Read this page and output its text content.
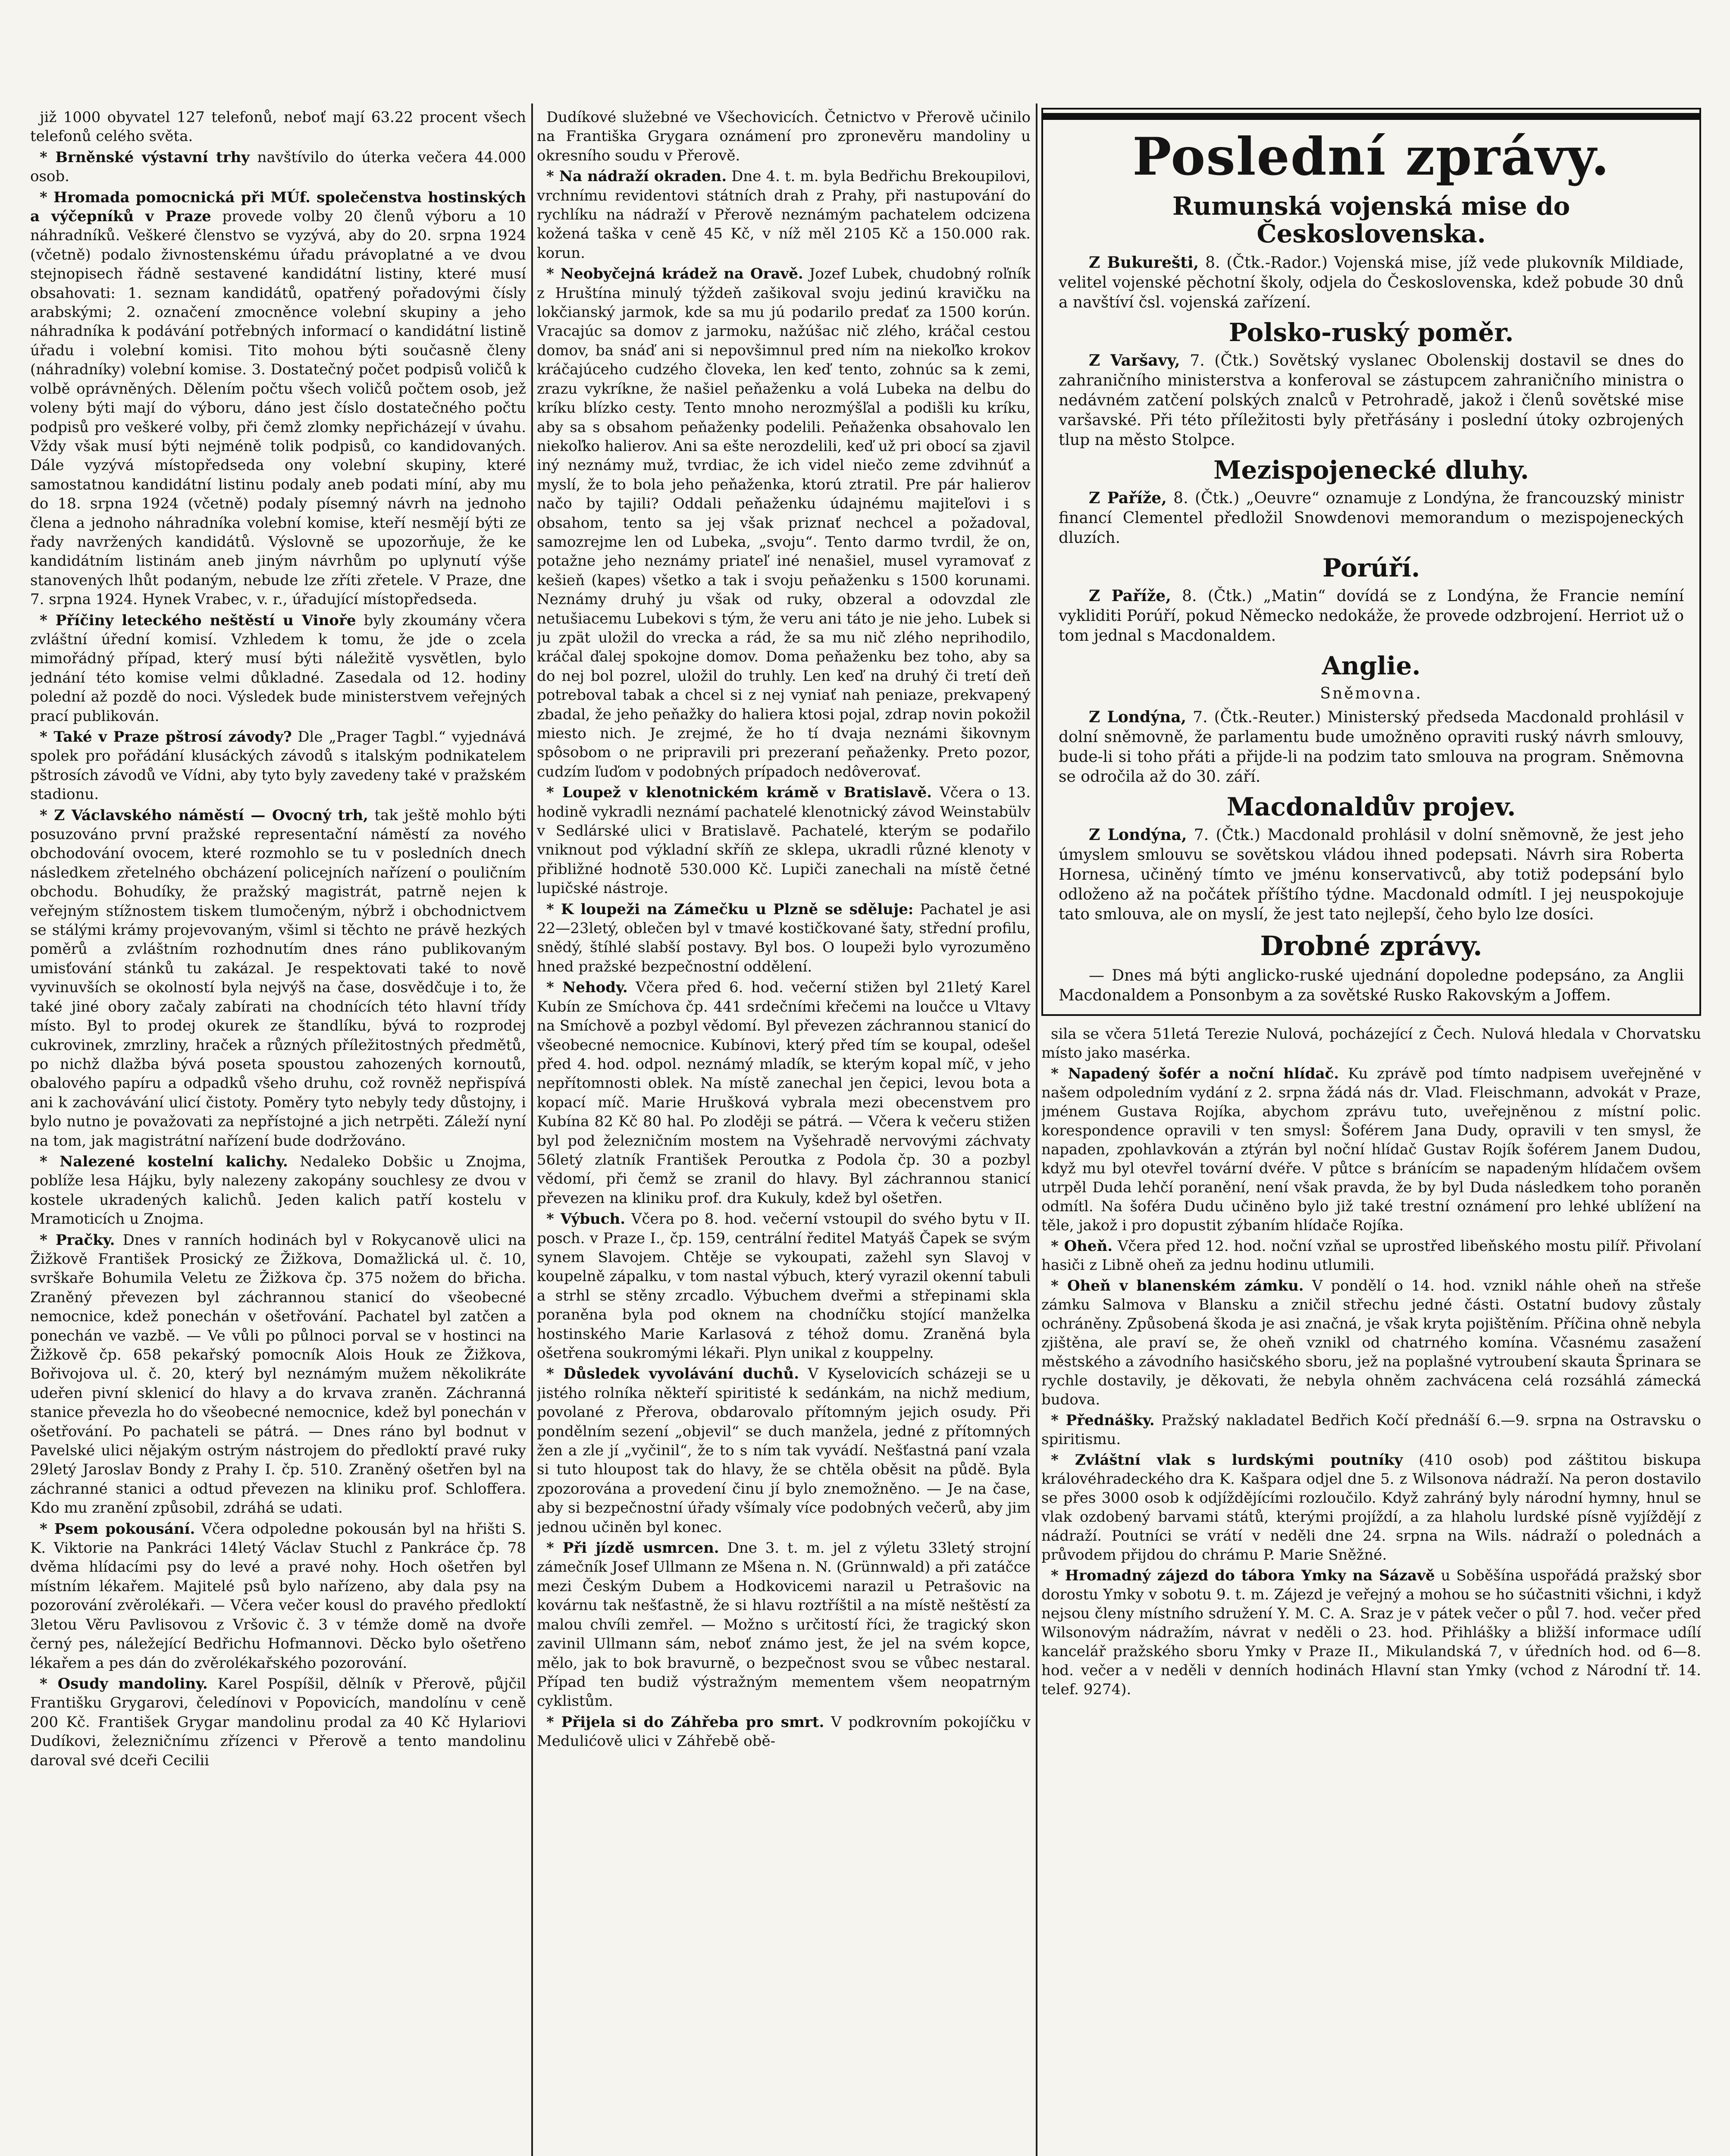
již 1000 obyvatel 127 telefonů, neboť mají 63.22 procent všech telefonů celého světa.

* Brněnské výstavní trhy navštívilo do úterka večera 44.000 osob.

* Hromada pomocnická při MÚf. společenstva hostinských a výčepníků v Praze provede volby 20 členů výboru a 10 náhradníků. Veškeré členstvo se vyzývá, aby do 20. srpna 1924 (včetně) podalo živnostenskému úřadu právoplatné a ve dvou stejnopisech řádně sestavené kandidátní listiny, které musí obsahovati: 1. seznam kandidátů, opatřený pořadovými čísly arabskými; 2. označení zmocněnce volební skupiny a jeho náhradníka k podávání potřebných informací o kandidátní listině úřadu i volební komisi. Tito mohou býti současně členy (náhradníky) volební komise. 3. Dostatečný počet podpisů voličů k volbě oprávněných. Dělením počtu všech voličů počtem osob, jež voleny býti mají do výboru, dáno jest číslo dostatečného počtu podpisů pro veškeré volby, při čemž zlomky nepřicházejí v úvahu. Vždy však musí býti nejméně tolik podpisů, co kandidovaných. Dále vyzývá místopředseda ony volební skupiny, které samostatnou kandidátní listinu podaly aneb podati míní, aby mu do 18. srpna 1924 (včetně) podaly písemný návrh na jednoho člena a jednoho náhradníka volební komise, kteří nesmějí býti ze řady navržených kandidátů. Výslovně se upozorňuje, že ke kandidátním listinám aneb jiným návrhům po uplynutí výše stanovených lhůt podaným, nebude lze zříti zřetele. V Praze, dne 7. srpna 1924. Hynek Vrabec, v. r., úřadující místopředseda.

* Příčiny leteckého neštěstí u Vinoře byly zkoumány včera zvláštní úřední komisí. Vzhledem k tomu, že jde o zcela mimořádný případ, který musí býti náležitě vysvětlen, bylo jednání této komise velmi důkladné. Zasedala od 12. hodiny polední až pozdě do noci. Výsledek bude ministerstvem veřejných prací publikován.

* Také v Praze pštrosí závody? Dle „Prager Tagbl.“ vyjednává spolek pro pořádání klusáckých závodů s italským podnikatelem pštrosích závodů ve Vídni, aby tyto byly zavedeny také v pražském stadionu.

* Z Václavského náměstí — Ovocný trh, tak ještě mohlo býti posuzováno první pražské representační náměstí za nového obchodování ovocem, které rozmohlo se tu v posledních dnech následkem zřetelného obcházení policejních nařízení o pouličním obchodu. Bohudíky, že pražský magistrát, patrně nejen k veřejným stížnostem tiskem tlumočeným, nýbrž i obchodnictvem se stálými krámy projevovaným, všiml si těchto ne právě hezkých poměrů a zvláštním rozhodnutím dnes ráno publikovaným umisťování stánků tu zakázal. Je respektovati také to nově vyvinuvších se okolností byla nejvýš na čase, dosvědčuje i to, že také jiné obory začaly zabírati na chodnících této hlavní třídy místo. Byl to prodej okurek ze štandlíku, bývá to rozprodej cukrovinek, zmrzliny, hraček a různých příležitostných předmětů, po nichž dlažba bývá poseta spoustou zahozených kornoutů, obalového papíru a odpadků všeho druhu, což rovněž nepřispívá ani k zachovávání ulicí čistoty. Poměry tyto nebyly tedy důstojny, i bylo nutno je považovati za nepřístojné a jich netrpěti. Záleží nyní na tom, jak magistrátní nařízení bude dodržováno.

* Nalezené kostelní kalichy. Nedaleko Dobšic u Znojma, poblíže lesa Hájku, byly nalezeny zakopány souchlesy ze dvou v kostele ukradených kalichů. Jeden kalich patří kostelu v Mramoticích u Znojma.

* Pračky. Dnes v ranních hodinách byl v Rokycanově ulici na Žižkově František Prosický ze Žižkova, Domažlická ul. č. 10, svrškaře Bohumila Veletu ze Žižkova čp. 375 nožem do břicha. Zraněný převezen byl záchrannou stanicí do všeobecné nemocnice, kdež ponechán v ošetřování. Pachatel byl zatčen a ponechán ve vazbě. — Ve vůli po půlnoci porval se v hostinci na Žižkově čp. 658 pekařský pomocník Alois Houk ze Žižkova, Bořivojova ul. č. 20, který byl neznámým mužem několikráte udeřen pivní sklenicí do hlavy a do krvava zraněn. Záchranná stanice převezla ho do všeobecné nemocnice, kdež byl ponechán v ošetřování. Po pachateli se pátrá. — Dnes ráno byl bodnut v Pavelské ulici nějakým ostrým nástrojem do předloktí pravé ruky 29letý Jaroslav Bondy z Prahy I. čp. 510. Zraněný ošetřen byl na záchranné stanici a odtud převezen na kliniku prof. Schloffera. Kdo mu zranění způsobil, zdráhá se udati.

* Psem pokousání. Včera odpoledne pokousán byl na hřišti S. K. Viktorie na Pankráci 14letý Václav Stuchl z Pankráce čp. 78 dvěma hlídacími psy do levé a pravé nohy. Hoch ošetřen byl místním lékařem. Majitelé psů bylo nařízeno, aby dala psy na pozorování zvěrolékaři. — Včera večer kousl do pravého předloktí 3letou Věru Pavlisovou z Vršovic č. 3 v témže domě na dvoře černý pes, náležející Bedřichu Hofmannovi. Děcko bylo ošetřeno lékařem a pes dán do zvěrolékařského pozorování.

* Osudy mandoliny. Karel Pospíšil, dělník v Přerově, půjčil Františku Grygarovi, čeledínovi v Popovicích, mandolínu v ceně 200 Kč. František Grygar mandolinu prodal za 40 Kč Hylariovi Dudíkovi, železničnímu zřízenci v Přerově a tento mandolinu daroval své dceři Cecilii

Dudíkové služebné ve Všechovicích. Četnictvo v Přerově učinilo na Františka Grygara oznámení pro zpronevěru mandoliny u okresního soudu v Přerově.

* Na nádraží okraden. Dne 4. t. m. byla Bedřichu Brekoupilovi, vrchnímu revidentovi státních drah z Prahy, při nastupování do rychlíku na nádraží v Přerově neznámým pachatelem odcizena kožená taška v ceně 45 Kč, v níž měl 2105 Kč a 150.000 rak. korun.

* Neobyčejná krádež na Oravě. Jozef Lubek, chudobný roľník z Hruštína minulý týždeň zašikoval svoju jedinú kravičku na lokčianský jarmok, kde sa mu jú podarilo predať za 1500 korún. Vracajúc sa domov z jarmoku, nažúšac nič zlého, kráčal cestou domov, ba snáď ani si nepovšimnul pred ním na niekoľko krokov kráčajúceho cudzého človeka, len keď tento, zohnúc sa k zemi, zrazu vykríkne, že našiel peňaženku a volá Lubeka na delbu do kríku blízko cesty. Tento mnoho nerozmýšľal a podišli ku kríku, aby sa s obsahom peňaženky podelili. Peňaženka obsahovalo len niekoľko halierov. Ani sa ešte nerozdelili, keď už pri obocí sa zjavil iný neznámy muž, tvrdiac, že ich videl niečo zeme zdvihnúť a myslí, že to bola jeho peňaženka, ktorú ztratil. Pre pár halierov načo by tajili? Oddali peňaženku údajnému majiteľovi i s obsahom, tento sa jej však priznať nechcel a požadoval, samozrejme len od Lubeka, „svoju“. Tento darmo tvrdil, že on, potažne jeho neznámy priateľ iné nenašiel, musel vyramovať z kešieň (kapes) všetko a tak i svoju peňaženku s 1500 korunami. Neznámy druhý ju však od ruky, obzeral a odovzdal zle netušiacemu Lubekovi s tým, že veru ani táto je nie jeho. Lubek si ju zpät uložil do vrecka a rád, že sa mu nič zlého neprihodilo, kráčal ďalej spokojne domov. Doma peňaženku bez toho, aby sa do nej bol pozrel, uložil do truhly. Len keď na druhý či tretí deň potreboval tabak a chcel si z nej vyniať nah peniaze, prekvapený zbadal, že jeho peňažky do haliera ktosi pojal, zdrap novin pokožil miesto nich. Je zrejmé, že ho tí dvaja neznámi šikovnym spôsobom o ne pripravili pri prezeraní peňaženky. Preto pozor, cudzím ľuďom v podobných prípadoch nedôverovať.

* Loupež v klenotnickém krámě v Bratislavě. Včera o 13. hodině vykradli neznámí pachatelé klenotnický závod Weinstabülv v Sedlárské ulici v Bratislavě. Pachatelé, kterým se podařilo vniknout pod výkladní skříň ze sklepa, ukradli různé klenoty v přibližné hodnotě 530.000 Kč. Lupiči zanechali na místě četné lupičské nástroje.

* K loupeži na Zámečku u Plzně se sděluje: Pachatel je asi 22—23letý, oblečen byl v tmavé kostičkované šaty, střední profilu, snědý, štíhlé slabší postavy. Byl bos. O loupeži bylo vyrozuměno hned pražské bezpečnostní oddělení.

* Nehody. Včera před 6. hod. večerní stižen byl 21letý Karel Kubín ze Smíchova čp. 441 srdečními křečemi na loučce u Vltavy na Smíchově a pozbyl vědomí. Byl převezen záchrannou stanicí do všeobecné nemocnice. Kubínovi, který před tím se koupal, odešel před 4. hod. odpol. neznámý mladík, se kterým kopal míč, v jeho nepřítomnosti oblek. Na místě zanechal jen čepici, levou bota a kopací míč. Marie Hrušková vybrala mezi obecenstvem pro Kubína 82 Kč 80 hal. Po zloději se pátrá. — Včera k večeru stižen byl pod železničním mostem na Vyšehradě nervovými záchvaty 56letý zlatník František Peroutka z Podola čp. 30 a pozbyl vědomí, při čemž se zranil do hlavy. Byl záchrannou stanicí převezen na kliniku prof. dra Kukuly, kdež byl ošetřen.

* Výbuch. Včera po 8. hod. večerní vstoupil do svého bytu v II. posch. v Praze I., čp. 159, centrální ředitel Matyáš Čapek se svým synem Slavojem. Chtěje se vykoupati, zažehl syn Slavoj v koupelně zápalku, v tom nastal výbuch, který vyrazil okenní tabuli a strhl se stěny zrcadlo. Výbuchem dveřmi a střepinami skla poraněna byla pod oknem na chodníčku stojící manželka hostinského Marie Karlasová z téhož domu. Zraněná byla ošetřena soukromými lékaři. Plyn unikal z kouppelny.

* Důsledek vyvolávání duchů. V Kyselovicích scházeji se u jistého rolníka někteří spiritisté k sedánkám, na nichž medium, povolané z Přerova, obdarovalo přítomným jejich osudy. Při pondělním sezení „objevil“ se duch manžela, jedné z přítomných žen a zle jí „vyčinil“, že to s ním tak vyvádí. Nešťastná paní vzala si tuto hloupost tak do hlavy, že se chtěla oběsit na půdě. Byla zpozorována a provedení činu jí bylo znemožněno. — Je na čase, aby si bezpečnostní úřady všímaly více podobných večerů, aby jim jednou učiněn byl konec.

* Při jízdě usmrcen. Dne 3. t. m. jel z výletu 33letý strojní zámečník Josef Ullmann ze Mšena n. N. (Grünnwald) a při zatáčce mezi Českým Dubem a Hodkovicemi narazil u Petrašovic na kovárnu tak nešťastně, že si hlavu roztříštil a na místě neštěstí za malou chvíli zemřel. — Možno s určitostí říci, že tragický skon zavinil Ullmann sám, neboť známo jest, že jel na svém kopce, mělo, jak to bok bravurně, o bezpečnost svou se vůbec nestaral. Případ ten budiž výstražným mementem všem neopatrným cyklistům.

* Přijela si do Záhřeba pro smrt. V podkrovním pokojíčku v Medulićově ulici v Záhřebě obě-

Poslední zprávy.
Rumunská vojenská mise do Československa.

Z Bukurešti, 8. (Čtk.-Rador.) Vojenská mise, jíž vede plukovník Mildiade, velitel vojenské pěchotní školy, odjela do Československa, kdež pobude 30 dnů a navštíví čsl. vojenská zařízení.

Polsko-ruský poměr.

Z Varšavy, 7. (Čtk.) Sovětský vyslanec Obolenskij dostavil se dnes do zahraničního ministerstva a konferoval se zástupcem zahraničního ministra o nedávném zatčení polských znalců v Petrohradě, jakož i členů sovětské mise varšavské. Při této příležitosti byly přetřásány i poslední útoky ozbrojených tlup na město Stolpce.

Mezispojenecké dluhy.

Z Paříže, 8. (Čtk.) „Oeuvre“ oznamuje z Londýna, že francouzský ministr financí Clementel předložil Snowdenovi memorandum o mezispojeneckých dluzích.

Porúří.

Z Paříže, 8. (Čtk.) „Matin“ dovídá se z Londýna, že Francie nemíní vykliditi Porúří, pokud Německo nedokáže, že provede odzbrojení. Herriot už o tom jednal s Macdonaldem.

Anglie.
Sněmovna.

Z Londýna, 7. (Čtk.-Reuter.) Ministerský předseda Macdonald prohlásil v dolní sněmovně, že parlamentu bude umožněno opraviti ruský návrh smlouvy, bude-li si toho přáti a přijde-li na podzim tato smlouva na program. Sněmovna se odročila až do 30. září.

Macdonaldův projev.

Z Londýna, 7. (Čtk.) Macdonald prohlásil v dolní sněmovně, že jest jeho úmyslem smlouvu se sovětskou vládou ihned podepsati. Návrh sira Roberta Hornesa, učiněný tímto ve jménu konservativců, aby totiž podepsání bylo odloženo až na počátek příštího týdne. Macdonald odmítl. I jej neuspokojuje tato smlouva, ale on myslí, že jest tato nejlepší, čeho bylo lze dosíci.

Drobné zprávy.

— Dnes má býti anglicko-ruské ujednání dopoledne podepsáno, za Anglii Macdonaldem a Ponsonbym a za sovětské Rusko Rakovským a Joffem.

sila se včera 51letá Terezie Nulová, pocházející z Čech. Nulová hledala v Chorvatsku místo jako masérka.

* Napadený šofér a noční hlídač. Ku zprávě pod tímto nadpisem uveřejněné v našem odpoledním vydání z 2. srpna žádá nás dr. Vlad. Fleischmann, advokát v Praze, jménem Gustava Rojíka, abychom zprávu tuto, uveřejněnou z místní polic. korespondence opravili v ten smysl: Šoférem Jana Dudy, opravili v ten smysl, že napaden, zpohlavkován a ztýrán byl noční hlídač Gustav Rojík šoférem Janem Dudou, když mu byl otevřel tovární dvéře. V půtce s bránícím se napadeným hlídačem ovšem utrpěl Duda lehčí poranění, není však pravda, že by byl Duda následkem toho poraněn odmítl. Na šoféra Dudu učiněno bylo již také trestní oznámení pro lehké ublížení na těle, jakož i pro dopustit zýbaním hlídače Rojíka.

* Oheň. Včera před 12. hod. noční vzňal se uprostřed libeňského mostu pilíř. Přivolaní hasiči z Libně oheň za jednu hodinu utlumili.

* Oheň v blanenském zámku. V pondělí o 14. hod. vznikl náhle oheň na střeše zámku Salmova v Blansku a zničil střechu jedné části. Ostatní budovy zůstaly ochráněny. Způsobená škoda je asi značná, je však kryta pojištěním. Příčina ohně nebyla zjištěna, ale praví se, že oheň vznikl od chatrného komína. Včasnému zasažení městského a závodního hasičského sboru, jež na poplašné vytroubení skauta Šprinara se rychle dostavily, je děkovati, že nebyla ohněm zachvácena celá rozsáhlá zámecká budova.

* Přednášky. Pražský nakladatel Bedřich Kočí přednáší 6.—9. srpna na Ostravsku o spiritismu.

* Zvláštní vlak s lurdskými poutníky (410 osob) pod záštitou biskupa královéhradeckého dra K. Kašpara odjel dne 5. z Wilsonova nádraží. Na peron dostavilo se přes 3000 osob k odjíždějícími rozloučilo. Když zahráný byly národní hymny, hnul se vlak ozdobený barvami států, kterými projíždí, a za hlaholu lurdské písně vyjíždějí z nádraží. Poutníci se vrátí v neděli dne 24. srpna na Wils. nádraží o polednách a průvodem přijdou do chrámu P. Marie Sněžné.

* Hromadný zájezd do tábora Ymky na Sázavě u Soběšína uspořádá pražský sbor dorostu Ymky v sobotu 9. t. m. Zájezd je veřejný a mohou se ho súčastniti všichni, i když nejsou členy místního sdružení Y. M. C. A. Sraz je v pátek večer o půl 7. hod. večer před Wilsonovým nádražím, návrat v neděli o 23. hod. Přihlášky a bližší informace udílí kancelář pražského sboru Ymky v Praze II., Mikulandská 7, v úředních hod. od 6—8. hod. večer a v neděli v denních hodinách Hlavní stan Ymky (vchod z Národní tř. 14. telef. 9274).
